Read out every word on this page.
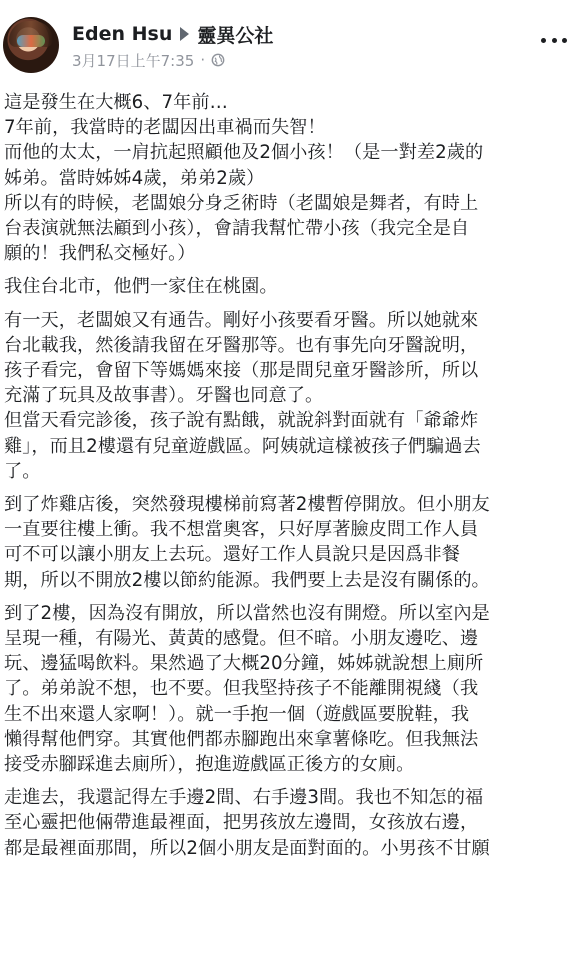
Eden Hsu 靈異公社
3月17日上午7:35 ·

這是發生在大概6、7年前…
7年前，我當時的老闆因出車禍而失智！
而他的太太，一肩抗起照顧他及2個小孩！（是一對差2歲的
姊弟。當時姊姊4歲，弟弟2歲）
所以有的時候，老闆娘分身乏術時（老闆娘是舞者，有時上
台表演就無法顧到小孩），會請我幫忙帶小孩（我完全是自
願的！我們私交極好。）

我住台北市，他們一家住在桃園。

有一天，老闆娘又有通告。剛好小孩要看牙醫。所以她就來
台北載我，然後請我留在牙醫那等。也有事先向牙醫說明，
孩子看完，會留下等媽媽來接（那是間兒童牙醫診所，所以
充滿了玩具及故事書）。牙醫也同意了。
但當天看完診後，孩子說有點餓，就說斜對面就有「爺爺炸
雞」，而且2樓還有兒童遊戲區。阿姨就這樣被孩子們騙過去
了。

到了炸雞店後，突然發現樓梯前寫著2樓暫停開放。但小朋友
一直要往樓上衝。我不想當奧客，只好厚著臉皮問工作人員
可不可以讓小朋友上去玩。還好工作人員說只是因爲非餐
期，所以不開放2樓以節約能源。我們要上去是沒有關係的。

到了2樓，因為沒有開放，所以當然也沒有開燈。所以室內是
呈現一種，有陽光、黃黃的感覺。但不暗。小朋友邊吃、邊
玩、邊猛喝飲料。果然過了大概20分鐘，姊姊就說想上廁所
了。弟弟說不想，也不要。但我堅持孩子不能離開視綫（我
生不出來還人家啊！）。就一手抱一個（遊戲區要脫鞋，我
懶得幫他們穿。其實他們都赤腳跑出來拿薯條吃。但我無法
接受赤腳踩進去廁所），抱進遊戲區正後方的女廁。

走進去，我還記得左手邊2間、右手邊3間。我也不知怎的福
至心靈把他倆帶進最裡面，把男孩放左邊間，女孩放右邊，
都是最裡面那間，所以2個小朋友是面對面的。小男孩不甘願
